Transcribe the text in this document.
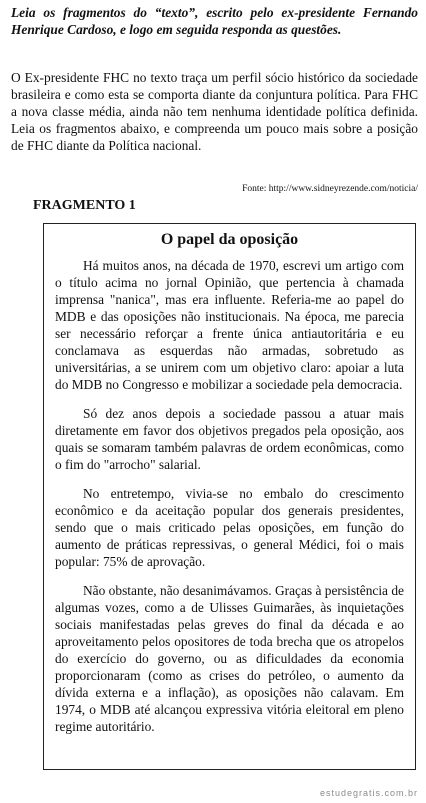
Leia os fragmentos do “texto”, escrito pelo ex-presidente Fernando Henrique Cardoso, e logo em seguida responda as questões.
O Ex-presidente FHC no texto traça um perfil sócio histórico da sociedade brasileira e como esta se comporta diante da conjuntura política. Para FHC a nova classe média, ainda não tem nenhuma identidade política definida. Leia os fragmentos abaixo, e compreenda um pouco mais sobre a posição de FHC diante da Política nacional.
Fonte: http://www.sidneyrezende.com/noticia/
FRAGMENTO 1
O papel da oposição

Há muitos anos, na década de 1970, escrevi um artigo com o título acima no jornal Opinião, que pertencia à chamada imprensa "nanica", mas era influente. Referia-me ao papel do MDB e das oposições não institucionais. Na época, me parecia ser necessário reforçar a frente única antiautoritária e eu conclamava as esquerdas não armadas, sobretudo as universitárias, a se unirem com um objetivo claro: apoiar a luta do MDB no Congresso e mobilizar a sociedade pela democracia.

Só dez anos depois a sociedade passou a atuar mais diretamente em favor dos objetivos pregados pela oposição, aos quais se somaram também palavras de ordem econômicas, como o fim do "arrocho" salarial.

No entretempo, vivia-se no embalo do crescimento econômico e da aceitação popular dos generais presidentes, sendo que o mais criticado pelas oposições, em função do aumento de práticas repressivas, o general Médici, foi o mais popular: 75% de aprovação.

Não obstante, não desanimávamos. Graças à persistência de algumas vozes, como a de Ulisses Guimarães, às inquietações sociais manifestadas pelas greves do final da década e ao aproveitamento pelos opositores de toda brecha que os atropelos do exercício do governo, ou as dificuldades da economia proporcionaram (como as crises do petróleo, o aumento da dívida externa e a inflação), as oposições não calavam. Em 1974, o MDB até alcançou expressiva vitória eleitoral em pleno regime autoritário.

estudegratis.com.br
